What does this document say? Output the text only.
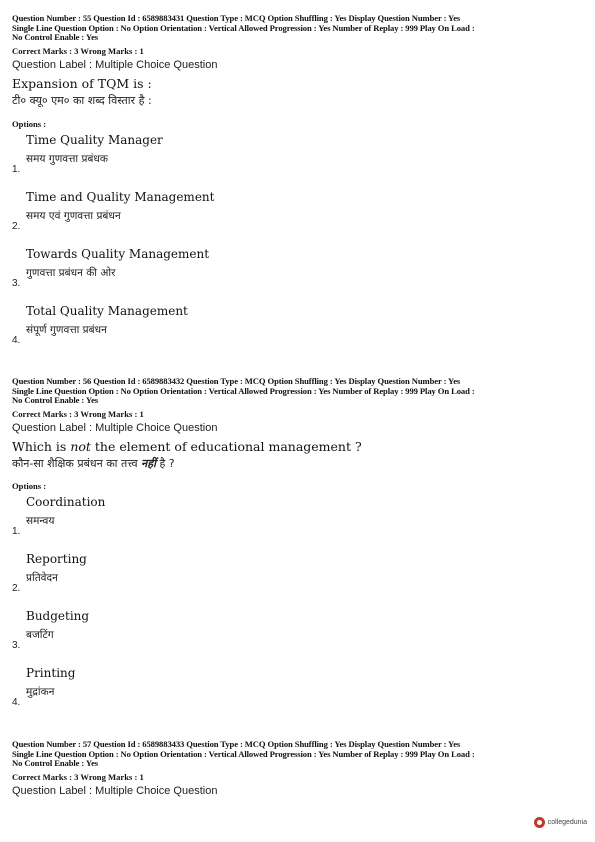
Question Number : 55 Question Id : 6589883431 Question Type : MCQ Option Shuffling : Yes Display Question Number : Yes
Single Line Question Option : No Option Orientation : Vertical Allowed Progression : Yes Number of Replay : 999 Play On Load :
No Control Enable : Yes
Correct Marks : 3 Wrong Marks : 1
Question Label : Multiple Choice Question
Expansion of TQM is :
टी० क्यू० एम० का शब्द विस्तार है :
Options :
1.
Time Quality Manager
समय गुणवत्ता प्रबंधक
2.
Time and Quality Management
समय एवं गुणवत्ता प्रबंधन
3.
Towards Quality Management
गुणवत्ता प्रबंधन की ओर
4.
Total Quality Management
संपूर्ण गुणवत्ता प्रबंधन
Question Number : 56 Question Id : 6589883432 Question Type : MCQ Option Shuffling : Yes Display Question Number : Yes
Single Line Question Option : No Option Orientation : Vertical Allowed Progression : Yes Number of Replay : 999 Play On Load :
No Control Enable : Yes
Correct Marks : 3 Wrong Marks : 1
Question Label : Multiple Choice Question
Which is not the element of educational management ?
कौन-सा शैक्षिक प्रबंधन का तत्त्व नहीं है ?
Options :
1.
Coordination
समन्वय
2.
Reporting
प्रतिवेदन
3.
Budgeting
बजटिंग
4.
Printing
मुद्रांकन
Question Number : 57 Question Id : 6589883433 Question Type : MCQ Option Shuffling : Yes Display Question Number : Yes
Single Line Question Option : No Option Orientation : Vertical Allowed Progression : Yes Number of Replay : 999 Play On Load :
No Control Enable : Yes
Correct Marks : 3 Wrong Marks : 1
Question Label : Multiple Choice Question
collegedunia
